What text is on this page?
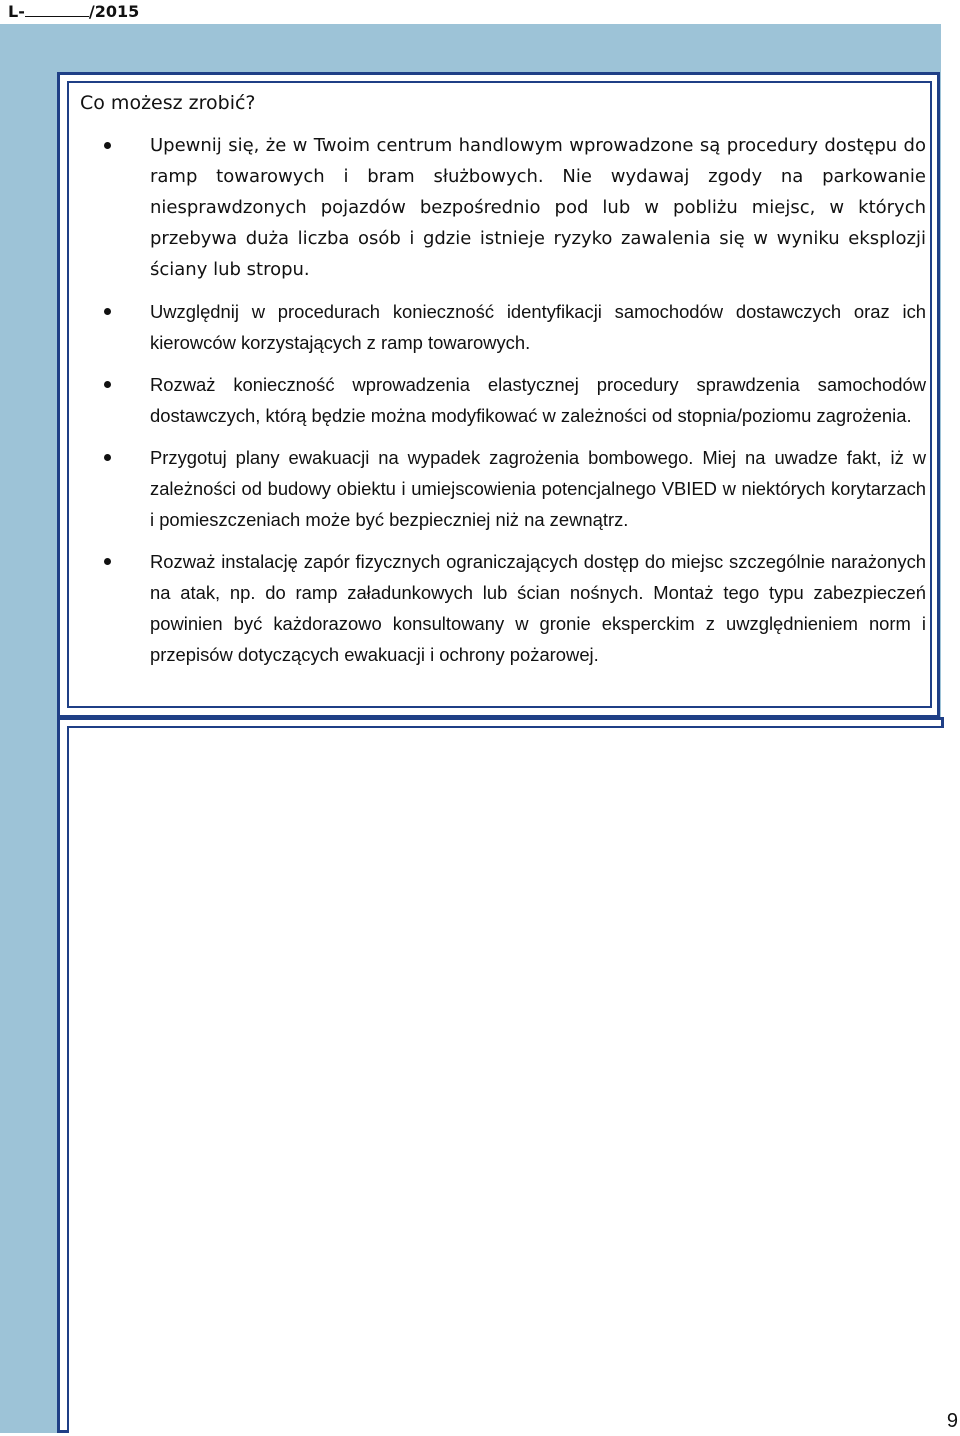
L-	/2015
Co możesz zrobić?

Upewnij się, że w Twoim centrum handlowym wprowadzone są procedury dostępu do ramp towarowych i bram służbowych. Nie wydawaj zgody na parkowanie niesprawdzonych pojazdów bezpośrednio pod lub w pobliżu miejsc, w których przebywa duża liczba osób i gdzie istnieje ryzyko zawalenia się w wyniku eksplozji ściany lub stropu.

Uwzględnij w procedurach konieczność identyfikacji samochodów dostawczych oraz ich kierowców korzystających z ramp towarowych.

Rozważ konieczność wprowadzenia elastycznej procedury sprawdzenia samochodów dostawczych, którą będzie można modyfikować w zależności od stopnia/poziomu zagrożenia.

Przygotuj plany ewakuacji na wypadek zagrożenia bombowego. Miej na uwadze fakt, iż w zależności od budowy obiektu i umiejscowienia potencjalnego VBIED w niektórych korytarzach i pomieszczeniach może być bezpieczniej niż na zewnątrz.

Rozważ instalację zapór fizycznych ograniczających dostęp do miejsc szczególnie narażonych na atak, np. do ramp załadunkowych lub ścian nośnych. Montaż tego typu zabezpieczeń powinien być każdorazowo konsultowany w gronie eksperckim z uwzględnieniem norm i przepisów dotyczących ewakuacji i ochrony pożarowej.

9
